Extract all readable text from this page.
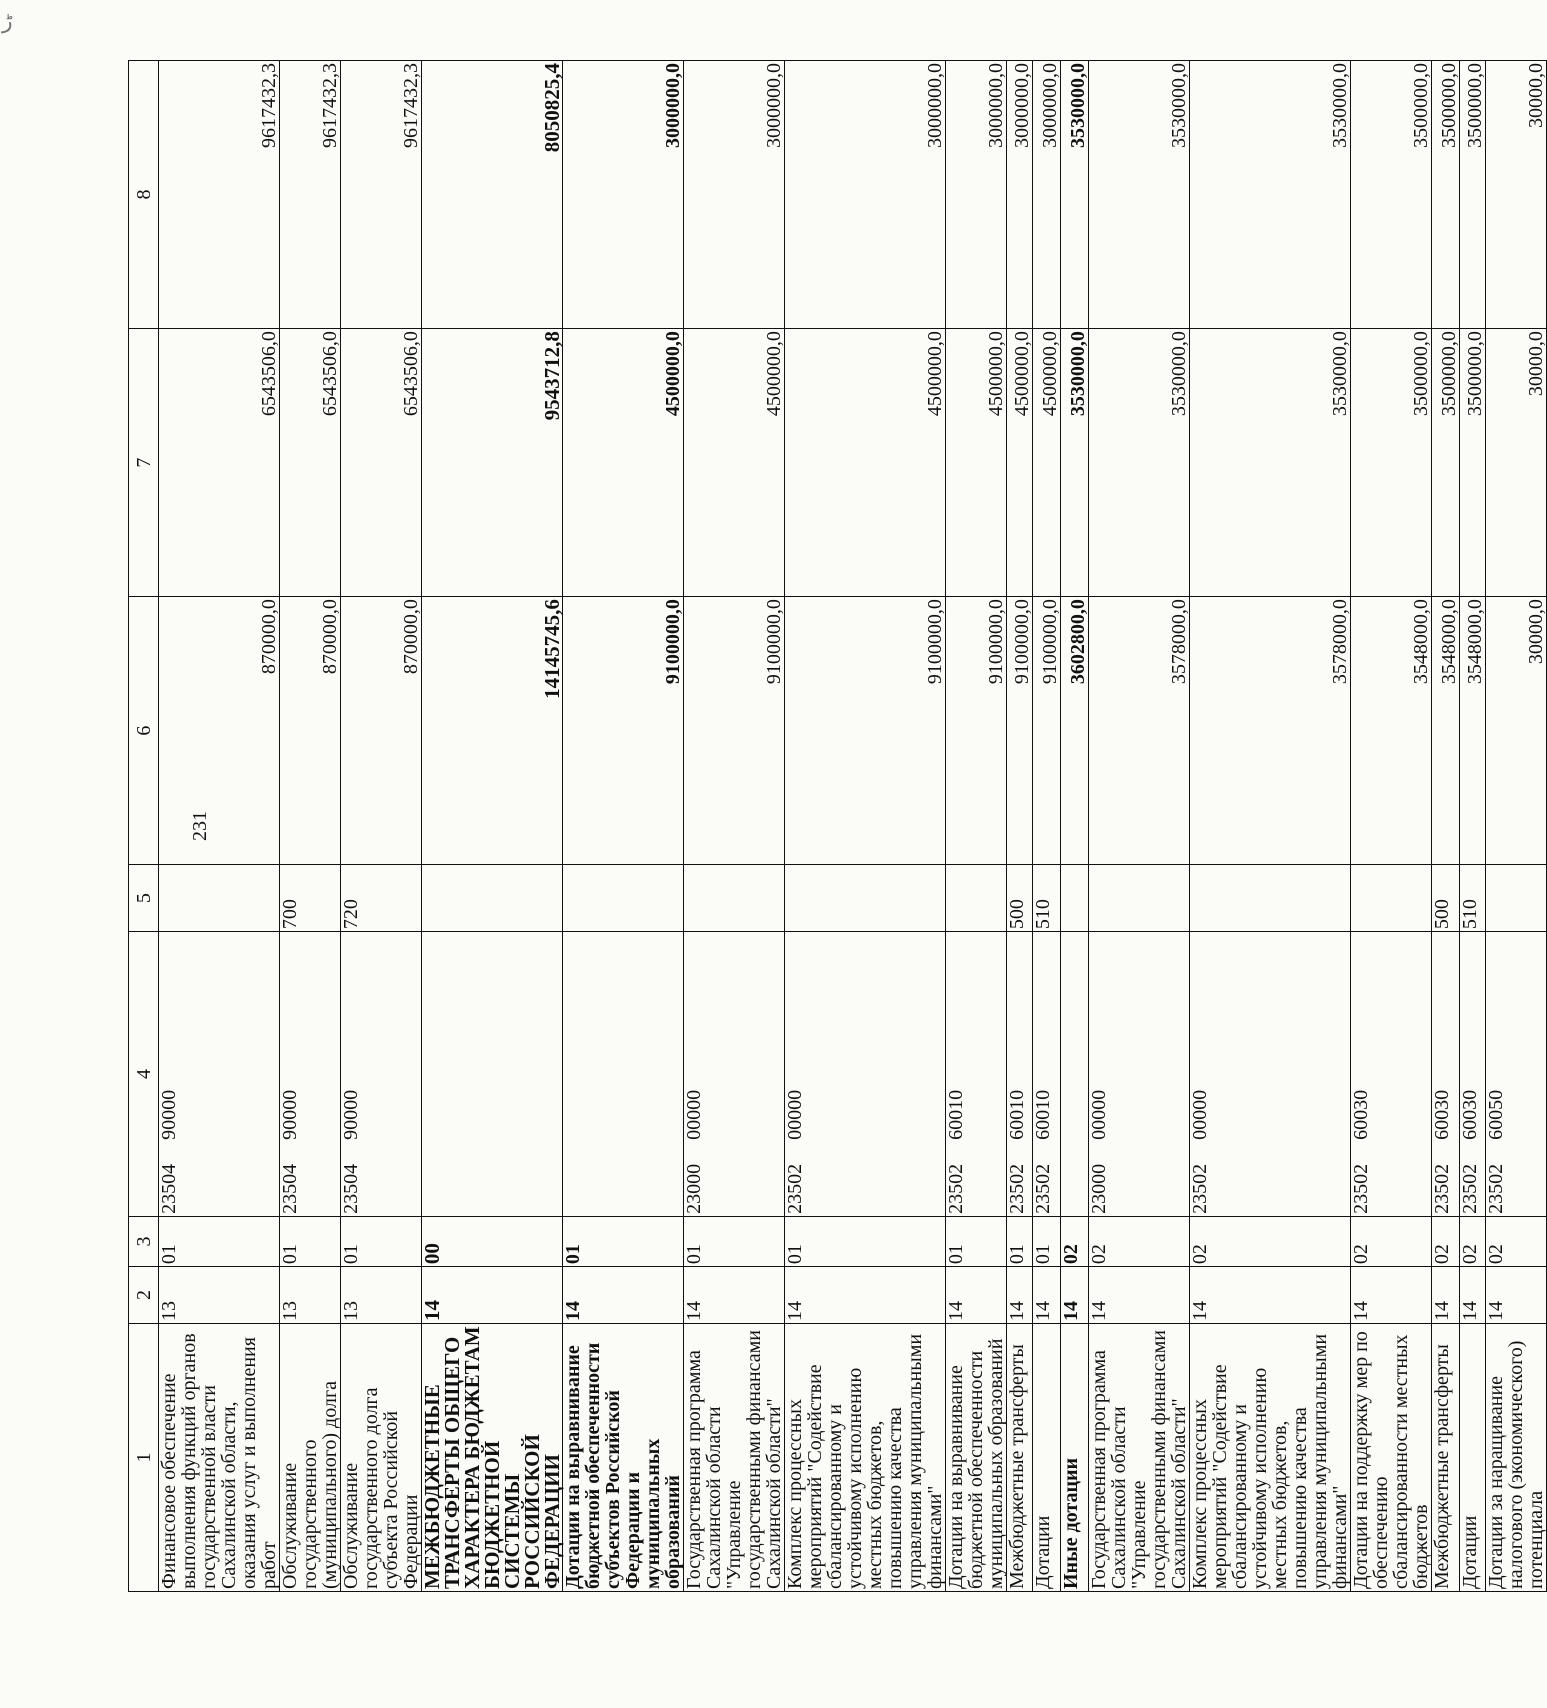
ڑ
231
1	2	3	4	5	6	7	8
Финансовое обеспечение выполнения функций органов государственной власти Сахалинской области, оказания услуг и выполнения работ	13	01	2350490000		870000,0	6543506,0	9617432,3
Обслуживание государственного (муниципального) долга	13	01	2350490000	700	870000,0	6543506,0	9617432,3
Обслуживание государственного долга субъекта Российской Федерации	13	01	2350490000	720	870000,0	6543506,0	9617432,3
МЕЖБЮДЖЕТНЫЕ ТРАНСФЕРТЫ ОБЩЕГО ХАРАКТЕРА БЮДЖЕТАМ БЮДЖЕТНОЙ СИСТЕМЫ РОССИЙСКОЙ ФЕДЕРАЦИИ	14	00			14145745,6	9543712,8	8050825,4
Дотации на выравнивание бюджетной обеспеченности субъектов Российской Федерации и муниципальных образований	14	01			9100000,0	4500000,0	3000000,0
Государственная программа Сахалинской области "Управление государственными финансами Сахалинской области"	14	01	2300000000		9100000,0	4500000,0	3000000,0
Комплекс процессных мероприятий "Содействие сбалансированному и устойчивому исполнению местных бюджетов, повышению качества управления муниципальными финансами"	14	01	2350200000		9100000,0	4500000,0	3000000,0
Дотации на выравнивание бюджетной обеспеченности муниципальных образований	14	01	2350260010		9100000,0	4500000,0	3000000,0
Межбюджетные трансферты	14	01	2350260010	500	9100000,0	4500000,0	3000000,0
Дотации	14	01	2350260010	510	9100000,0	4500000,0	3000000,0
Иные дотации	14	02			3602800,0	3530000,0	3530000,0
Государственная программа Сахалинской области "Управление государственными финансами Сахалинской области"	14	02	2300000000		3578000,0	3530000,0	3530000,0
Комплекс процессных мероприятий "Содействие сбалансированному и устойчивому исполнению местных бюджетов, повышению качества управления муниципальными финансами"	14	02	2350200000		3578000,0	3530000,0	3530000,0
Дотации на поддержку мер по обеспечению сбалансированности местных бюджетов	14	02	2350260030		3548000,0	3500000,0	3500000,0
Межбюджетные трансферты	14	02	2350260030	500	3548000,0	3500000,0	3500000,0
Дотации	14	02	2350260030	510	3548000,0	3500000,0	3500000,0
Дотации за наращивание налогового (экономического) потенциала	14	02	2350260050		30000,0	30000,0	30000,0
